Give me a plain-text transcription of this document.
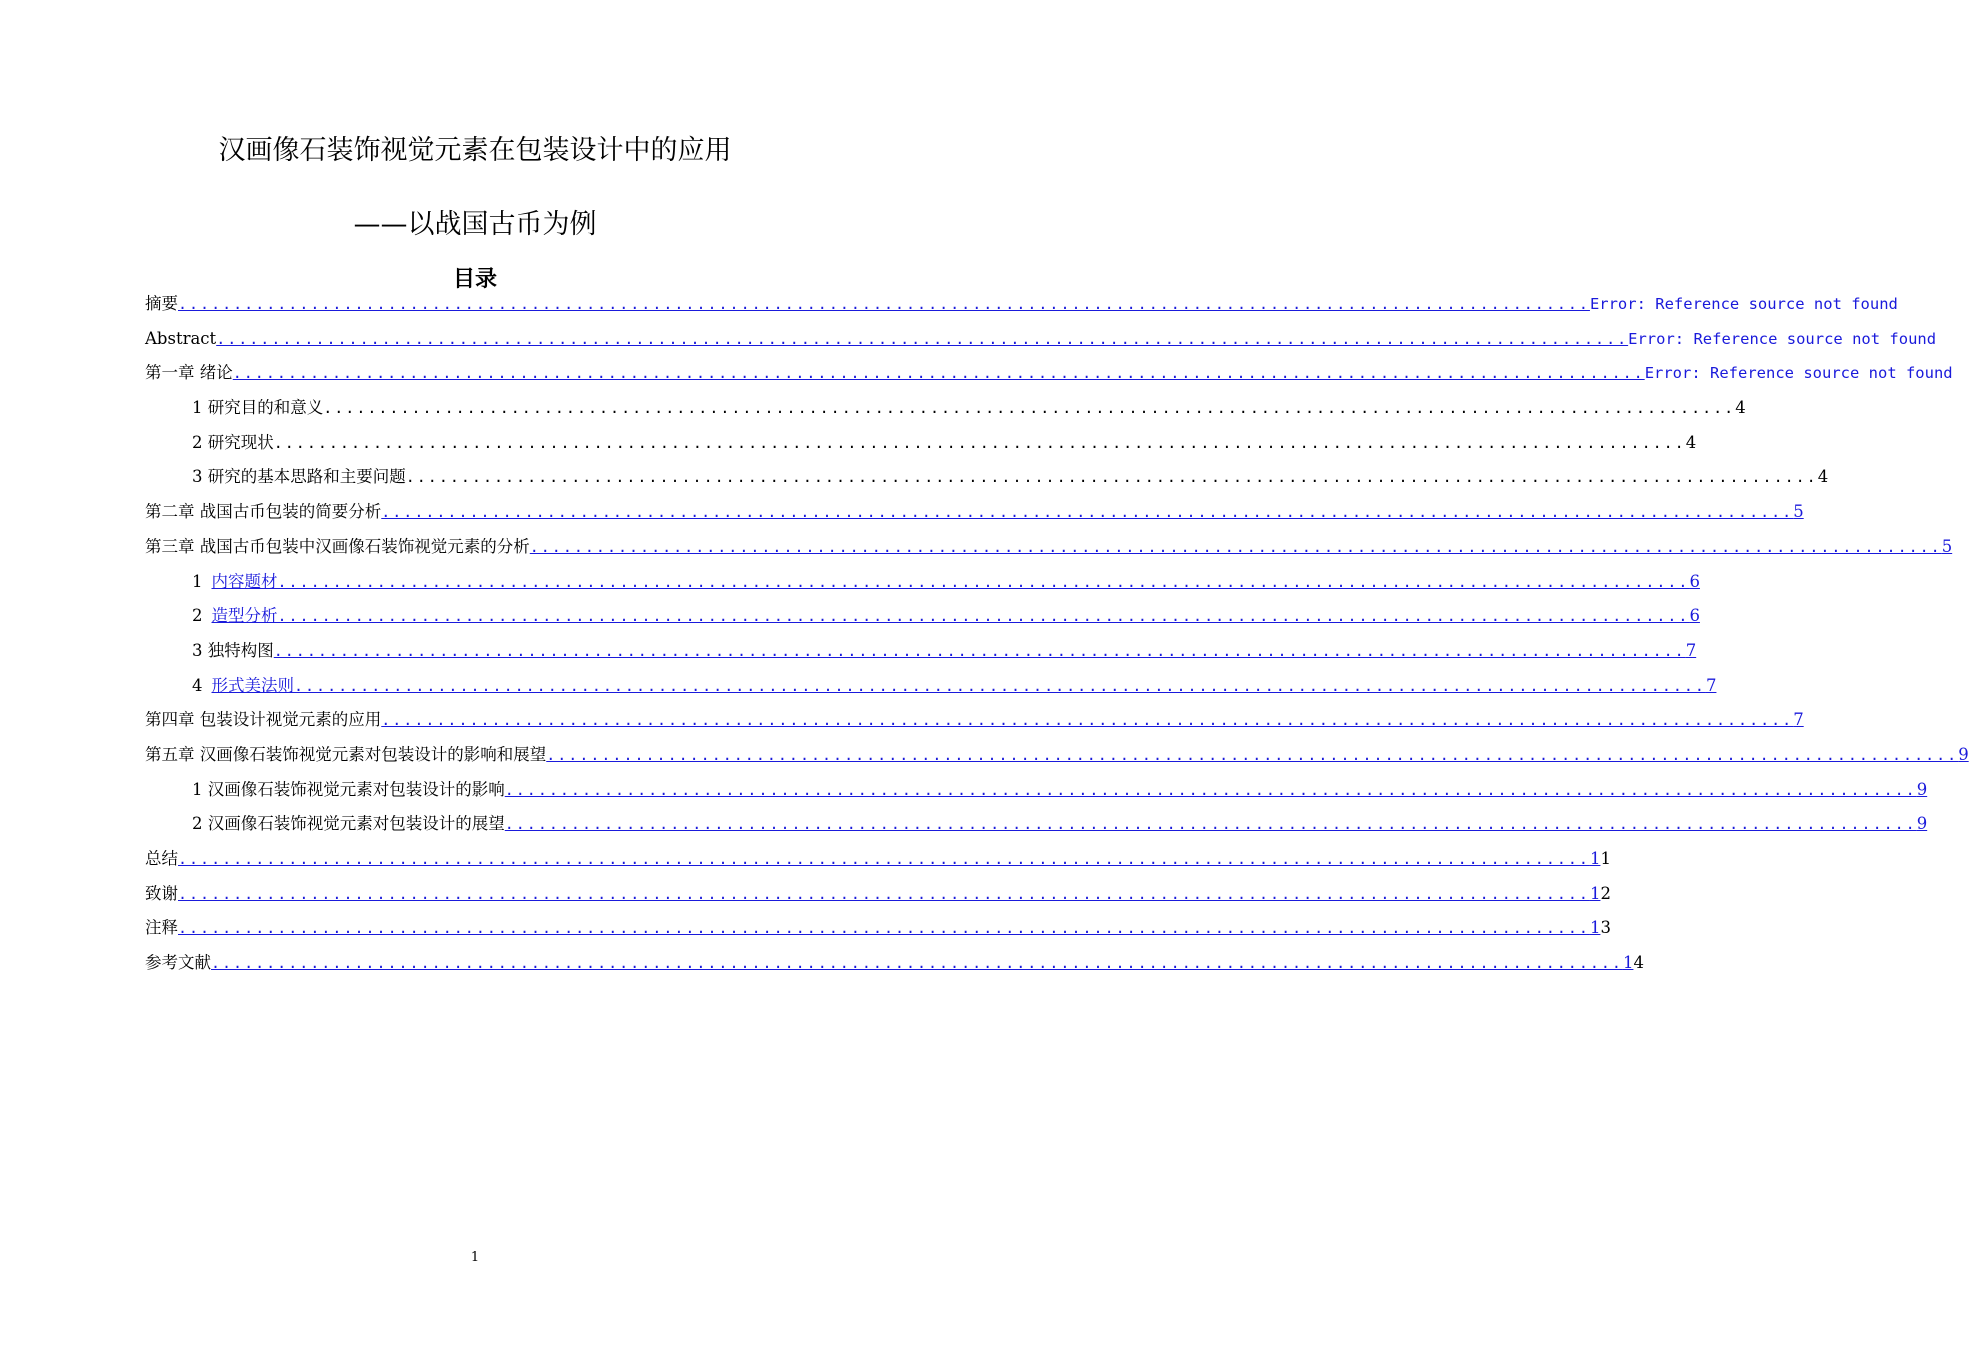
汉画像石装饰视觉元素在包装设计中的应用
——以战国古币为例
目录
摘要 ................................................................................................................................ Error: Reference source not found
Abstract ................................................................................................................................ Error: Reference source not found
第一章 绪论 ................................................................................................................................ Error: Reference source not found
1 研究目的和意义 ................................................................................................................................ 4
2 研究现状 ................................................................................................................................ 4
3 研究的基本思路和主要问题 ................................................................................................................................ 4
第二章 战国古币包装的简要分析 ................................................................................................................................ 5
第三章 战国古币包装中汉画像石装饰视觉元素的分析 ................................................................................................................................ 5
1 内容题材 ................................................................................................................................ 6
2 造型分析 ................................................................................................................................ 6
3 独特构图 ................................................................................................................................ 7
4 形式美法则 ................................................................................................................................ 7
第四章 包装设计视觉元素的应用 ................................................................................................................................ 7
第五章 汉画像石装饰视觉元素对包装设计的影响和展望 ................................................................................................................................ 9
1 汉画像石装饰视觉元素对包装设计的影响 ................................................................................................................................ 9
2 汉画像石装饰视觉元素对包装设计的展望 ................................................................................................................................ 9
总结 ................................................................................................................................ 1 1
致谢 ................................................................................................................................ 1 2
注释 ................................................................................................................................ 1 3
参考文献 ................................................................................................................................ 1 4
1
